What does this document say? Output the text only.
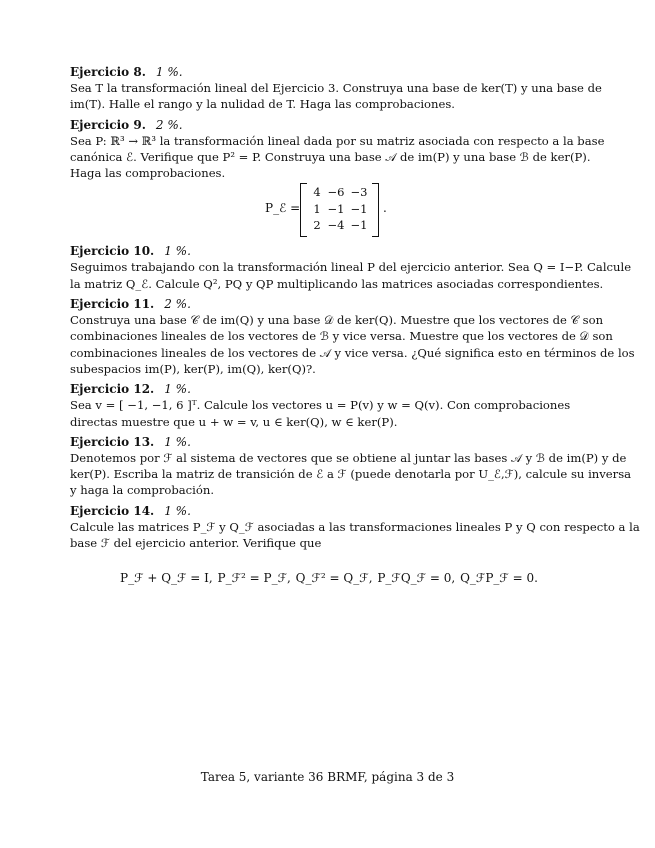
Ejercicio 8. 1 %.
Sea T la transformación lineal del Ejercicio 3. Construya una base de ker(T) y una base de
im(T). Halle el rango y la nulidad de T. Haga las comprobaciones.
Ejercicio 9. 2 %.
Sea P: ℝ³ → ℝ³ la transformación lineal dada por su matriz asociada con respecto a la base
canónica ℰ. Verifique que P² = P. Construya una base 𝒜 de im(P) y una base ℬ de ker(P).
Haga las comprobaciones.
P_ℰ =
4 −6 −3
1 −1 −1
2 −4 −1
.
Ejercicio 10. 1 %.
Seguimos trabajando con la transformación lineal P del ejercicio anterior. Sea Q = I−P. Calcule
la matriz Q_ℰ. Calcule Q², PQ y QP multiplicando las matrices asociadas correspondientes.
Ejercicio 11. 2 %.
Construya una base 𝒞 de im(Q) y una base 𝒟 de ker(Q). Muestre que los vectores de 𝒞 son
combinaciones lineales de los vectores de ℬ y vice versa. Muestre que los vectores de 𝒟 son
combinaciones lineales de los vectores de 𝒜 y vice versa. ¿Qué significa esto en términos de los
subespacios im(P), ker(P), im(Q), ker(Q)?.
Ejercicio 12. 1 %.
Sea v = [ −1, −1, 6 ]ᵀ. Calcule los vectores u = P(v) y w = Q(v). Con comprobaciones
directas muestre que u + w = v, u ∈ ker(Q), w ∈ ker(P).
Ejercicio 13. 1 %.
Denotemos por ℱ al sistema de vectores que se obtiene al juntar las bases 𝒜 y ℬ de im(P) y de
ker(P). Escriba la matriz de transición de ℰ a ℱ (puede denotarla por U_ℰ,ℱ), calcule su inversa
y haga la comprobación.
Ejercicio 14. 1 %.
Calcule las matrices P_ℱ y Q_ℱ asociadas a las transformaciones lineales P y Q con respecto a la
base ℱ del ejercicio anterior. Verifique que
P_ℱ + Q_ℱ = I, P_ℱ² = P_ℱ, Q_ℱ² = Q_ℱ, P_ℱQ_ℱ = 0, Q_ℱP_ℱ = 0.
Tarea 5, variante 36 BRMF, página 3 de 3
